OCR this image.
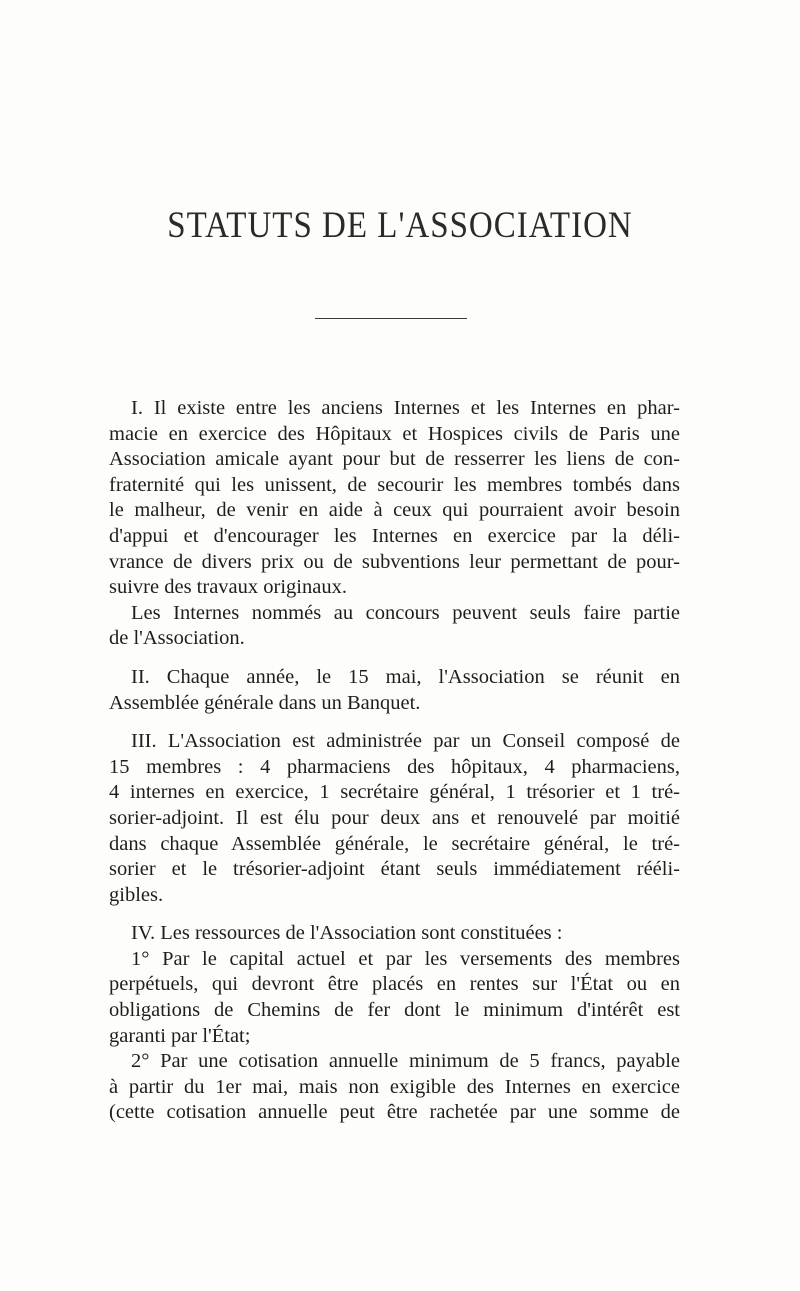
STATUTS DE L'ASSOCIATION
I. Il existe entre les anciens Internes et les Internes en phar-
macie en exercice des Hôpitaux et Hospices civils de Paris une
Association amicale ayant pour but de resserrer les liens de con-
fraternité qui les unissent, de secourir les membres tombés dans
le malheur, de venir en aide à ceux qui pourraient avoir besoin
d'appui et d'encourager les Internes en exercice par la déli-
vrance de divers prix ou de subventions leur permettant de pour-
suivre des travaux originaux.
Les Internes nommés au concours peuvent seuls faire partie
de l'Association.
II. Chaque année, le 15 mai, l'Association se réunit en
Assemblée générale dans un Banquet.
III. L'Association est administrée par un Conseil composé de
15 membres : 4 pharmaciens des hôpitaux, 4 pharmaciens,
4 internes en exercice, 1 secrétaire général, 1 trésorier et 1 tré-
sorier-adjoint. Il est élu pour deux ans et renouvelé par moitié
dans chaque Assemblée générale, le secrétaire général, le tré-
sorier et le trésorier-adjoint étant seuls immédiatement rééli-
gibles.
IV. Les ressources de l'Association sont constituées :
1° Par le capital actuel et par les versements des membres
perpétuels, qui devront être placés en rentes sur l'État ou en
obligations de Chemins de fer dont le minimum d'intérêt est
garanti par l'État;
2° Par une cotisation annuelle minimum de 5 francs, payable
à partir du 1er mai, mais non exigible des Internes en exercice
(cette cotisation annuelle peut être rachetée par une somme de
